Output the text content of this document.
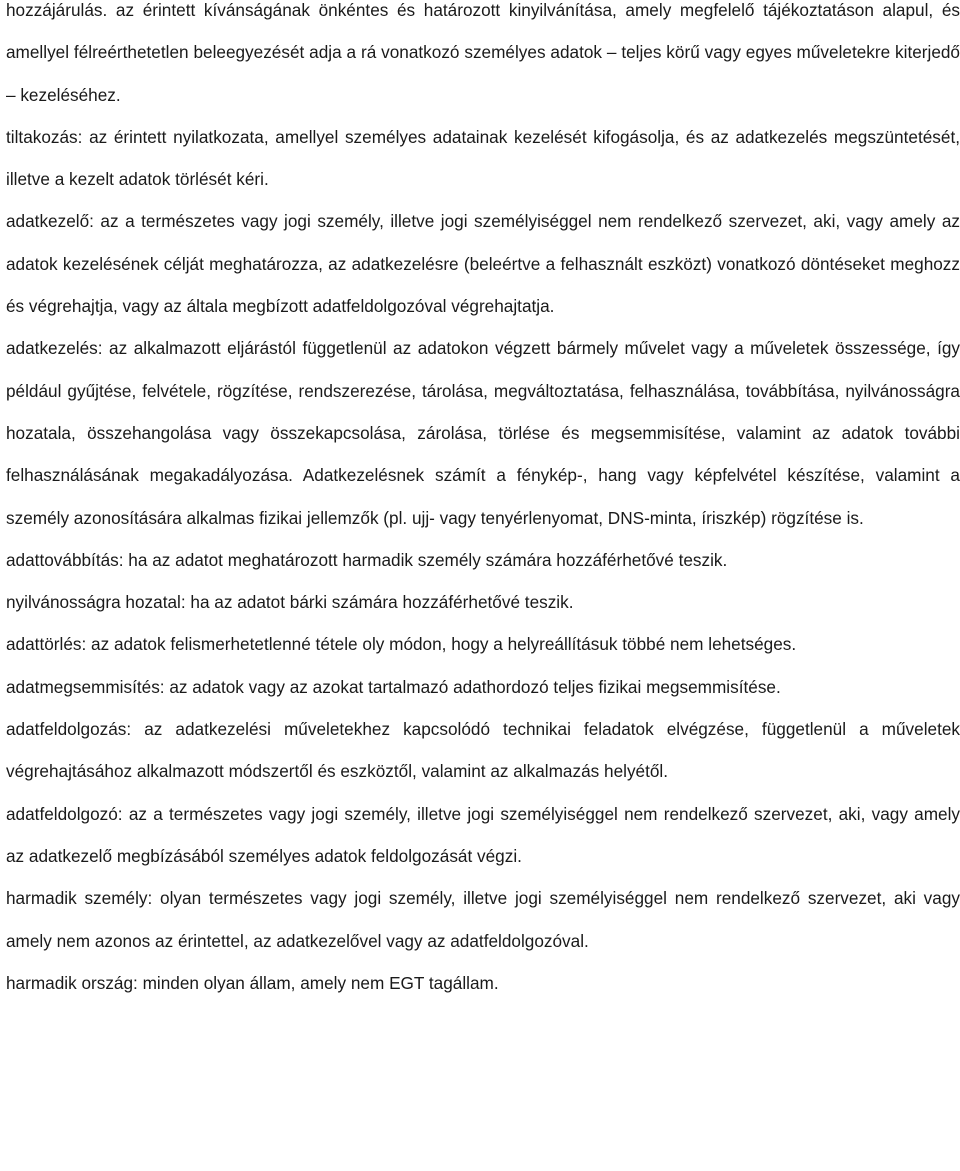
hozzájárulás. az érintett kívánságának önkéntes és határozott kinyilvánítása, amely megfelelő tájékoztatáson alapul, és amellyel félreérthetetlen beleegyezését adja a rá vonatkozó személyes adatok – teljes körű vagy egyes műveletekre kiterjedő – kezeléséhez.

tiltakozás: az érintett nyilatkozata, amellyel személyes adatainak kezelését kifogásolja, és az adatkezelés megszüntetését, illetve a kezelt adatok törlését kéri.

adatkezelő: az a természetes vagy jogi személy, illetve jogi személyiséggel nem rendelkező szervezet, aki, vagy amely az adatok kezelésének célját meghatározza, az adatkezelésre (beleértve a felhasznált eszközt) vonatkozó döntéseket meghozz és végrehajtja, vagy az általa megbízott adatfeldolgozóval végrehajtatja.

adatkezelés: az alkalmazott eljárástól függetlenül az adatokon végzett bármely művelet vagy a műveletek összessége, így például gyűjtése, felvétele, rögzítése, rendszerezése, tárolása, megváltoztatása, felhasználása, továbbítása, nyilvánosságra hozatala, összehangolása vagy összekapcsolása, zárolása, törlése és megsemmisítése, valamint az adatok további felhasználásának megakadályozása. Adatkezelésnek számít a fénykép-, hang vagy képfelvétel készítése, valamint a személy azonosítására alkalmas fizikai jellemzők (pl. ujj- vagy tenyérlenyomat, DNS-minta, íriszkép) rögzítése is.

adattovábbítás: ha az adatot meghatározott harmadik személy számára hozzáférhetővé teszik.

nyilvánosságra hozatal: ha az adatot bárki számára hozzáférhetővé teszik.

adattörlés: az adatok felismerhetetlenné tétele oly módon, hogy a helyreállításuk többé nem lehetséges.

adatmegsemmisítés: az adatok vagy az azokat tartalmazó adathordozó teljes fizikai megsemmisítése.

adatfeldolgozás: az adatkezelési műveletekhez kapcsolódó technikai feladatok elvégzése, függetlenül a műveletek végrehajtásához alkalmazott módszertől és eszköztől, valamint az alkalmazás helyétől.

adatfeldolgozó: az a természetes vagy jogi személy, illetve jogi személyiséggel nem rendelkező szervezet, aki, vagy amely az adatkezelő megbízásából személyes adatok feldolgozását végzi.

harmadik személy: olyan természetes vagy jogi személy, illetve jogi személyiséggel nem rendelkező szervezet, aki vagy amely nem azonos az érintettel, az adatkezelővel vagy az adatfeldolgozóval.

harmadik ország: minden olyan állam, amely nem EGT tagállam.
